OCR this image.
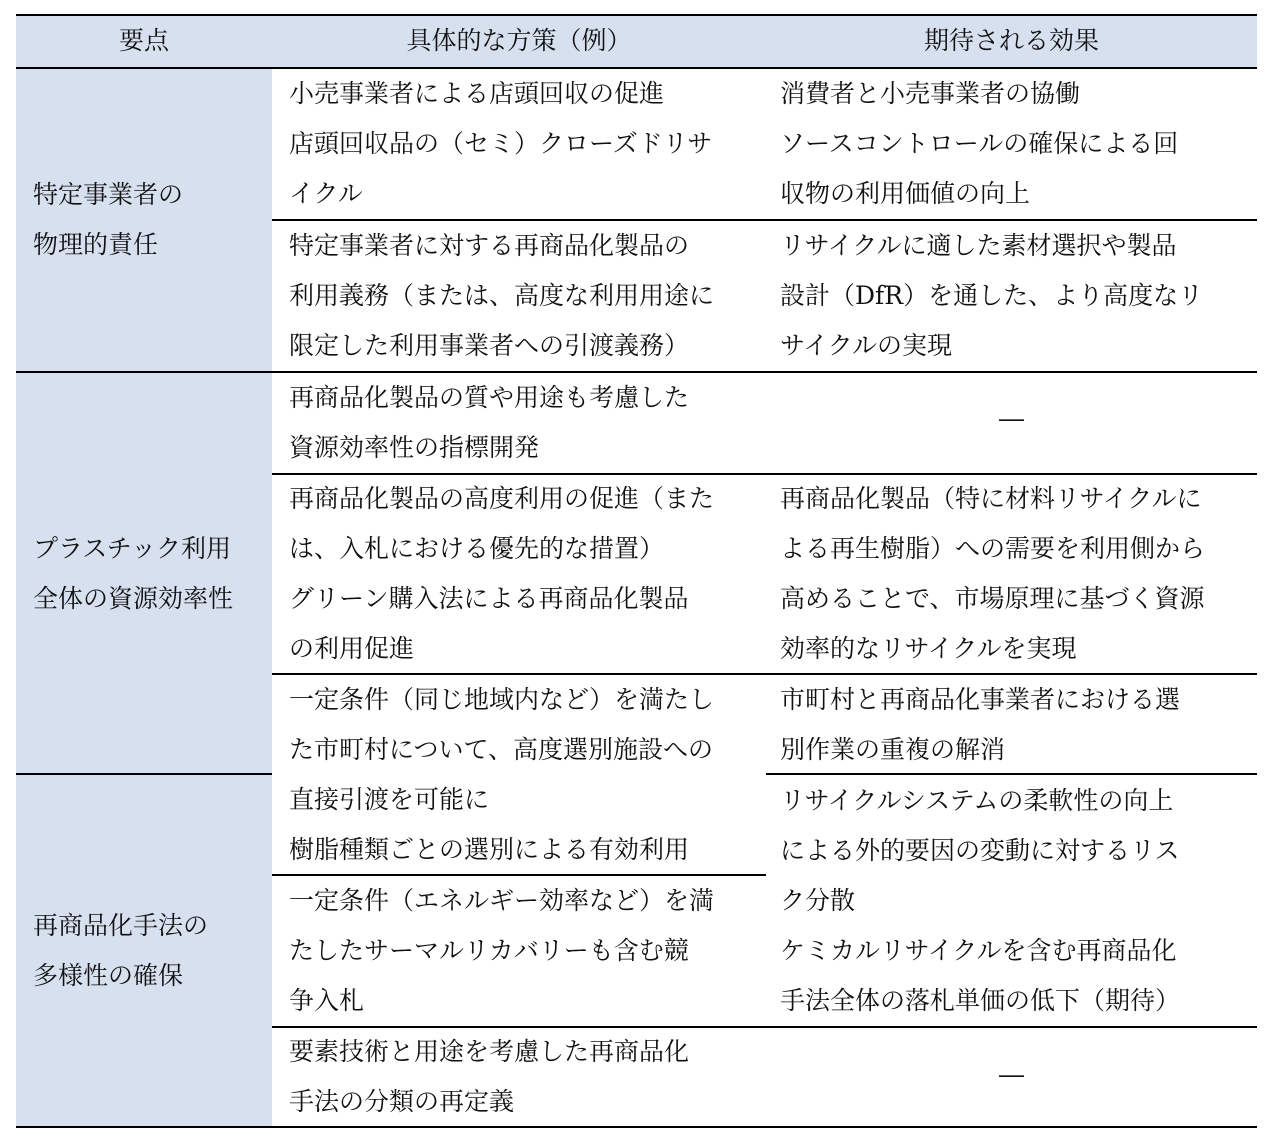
要点	具体的な方策（例）	期待される効果
特定事業者の
物理的責任
小売事業者による店頭回収の促進
店頭回収品の（セミ）クローズドリサ
イクル
消費者と小売事業者の協働
ソースコントロールの確保による回
収物の利用価値の向上
特定事業者に対する再商品化製品の
利用義務（または、高度な利用用途に
限定した利用事業者への引渡義務）
リサイクルに適した素材選択や製品
設計（DfR）を通した、より高度なリ
サイクルの実現
プラスチック利用
全体の資源効率性
再商品化製品の質や用途も考慮した
資源効率性の指標開発
―
再商品化製品の高度利用の促進（また
は、入札における優先的な措置）
グリーン購入法による再商品化製品
の利用促進
再商品化製品（特に材料リサイクルに
よる再生樹脂）への需要を利用側から
高めることで、市場原理に基づく資源
効率的なリサイクルを実現
一定条件（同じ地域内など）を満たし
た市町村について、高度選別施設への
直接引渡を可能に
樹脂種類ごとの選別による有効利用
市町村と再商品化事業者における選
別作業の重複の解消
再商品化手法の
多様性の確保
リサイクルシステムの柔軟性の向上
による外的要因の変動に対するリス
ク分散
ケミカルリサイクルを含む再商品化
手法全体の落札単価の低下（期待）
一定条件（エネルギー効率など）を満
たしたサーマルリカバリーも含む競
争入札
要素技術と用途を考慮した再商品化
手法の分類の再定義
―
